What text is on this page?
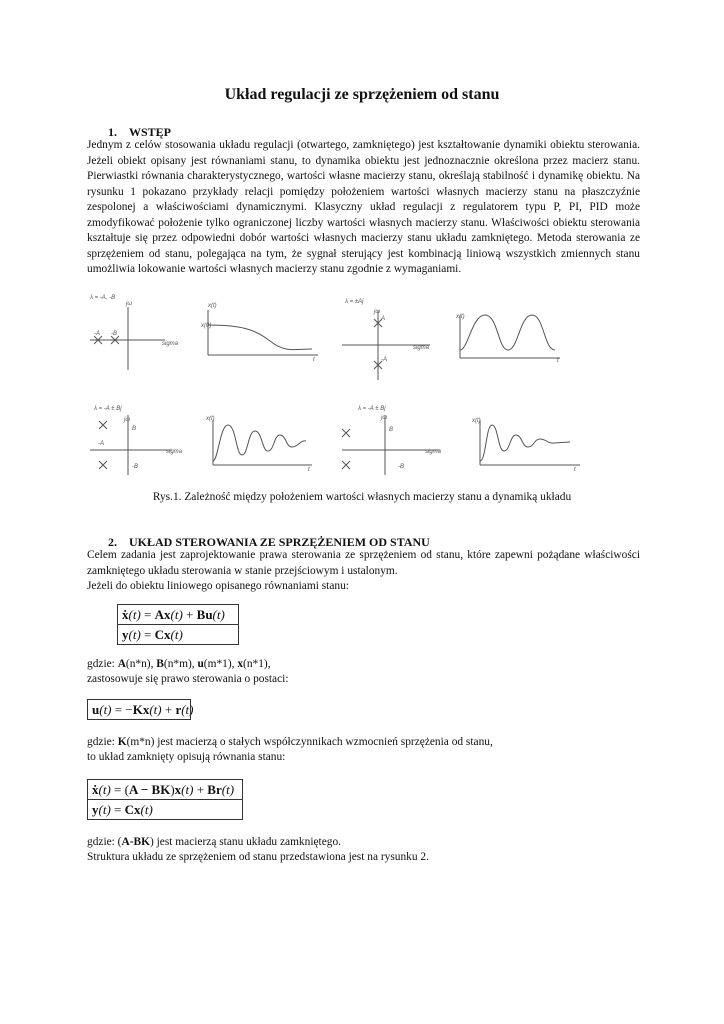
Układ regulacji ze sprzężeniem od stanu
1. WSTĘP
Jednym z celów stosowania układu regulacji (otwartego, zamkniętego) jest kształtowanie dynamiki obiektu sterowania. Jeżeli obiekt opisany jest równaniami stanu, to dynamika obiektu jest jednoznacznie określona przez macierz stanu. Pierwiastki równania charakterystycznego, wartości własne macierzy stanu, określają stabilność i dynamikę obiektu. Na rysunku 1 pokazano przykłady relacji pomiędzy położeniem wartości własnych macierzy stanu na płaszczyźnie zespolonej a właściwościami dynamicznymi. Klasyczny układ regulacji z regulatorem typu P, PI, PID może zmodyfikować położenie tylko ograniczonej liczby wartości własnych macierzy stanu. Właściwości obiektu sterowania kształtuje się przez odpowiedni dobór wartości własnych macierzy stanu układu zamkniętego. Metoda sterowania ze sprzężeniem od stanu, polegająca na tym, że sygnał sterujący jest kombinacją liniową wszystkich zmiennych stanu umożliwia lokowanie wartości własnych macierzy stanu zgodnie z wymaganiami.
λ = -A, -B
jω
sigma
-A -B
x(t)
x(0)
t
λ = ±Aj
jω
sigma
A
-A
x(t)
t
λ = -A ± Bj
jω
sigma
B
-B
-A
x(t)
t
λ = -A ± Bj
jω
sigma
B
-B
x(t)
t
Rys.1. Zależność między położeniem wartości własnych macierzy stanu a dynamiką układu
2. UKŁAD STEROWANIA ZE SPRZĘŻENIEM OD STANU
Celem zadania jest zaprojektowanie prawa sterowania ze sprzężeniem od stanu, które zapewni pożądane właściwości zamkniętego układu sterowania w stanie przejściowym i ustalonym.
Jeżeli do obiektu liniowego opisanego równaniami stanu:
ẋ(t) = Ax(t) + Bu(t)
y(t) = Cx(t)
gdzie: A(n*n), B(n*m), u(m*1), x(n*1),
zastosowuje się prawo sterowania o postaci:
u(t) = −Kx(t) + r(t)
gdzie: K(m*n) jest macierzą o stałych współczynnikach wzmocnień sprzężenia od stanu,
to układ zamknięty opisują równania stanu:
ẋ(t) = (A − BK)x(t) + Br(t)
y(t) = Cx(t)
gdzie: (A-BK) jest macierzą stanu układu zamkniętego.
Struktura układu ze sprzężeniem od stanu przedstawiona jest na rysunku 2.
